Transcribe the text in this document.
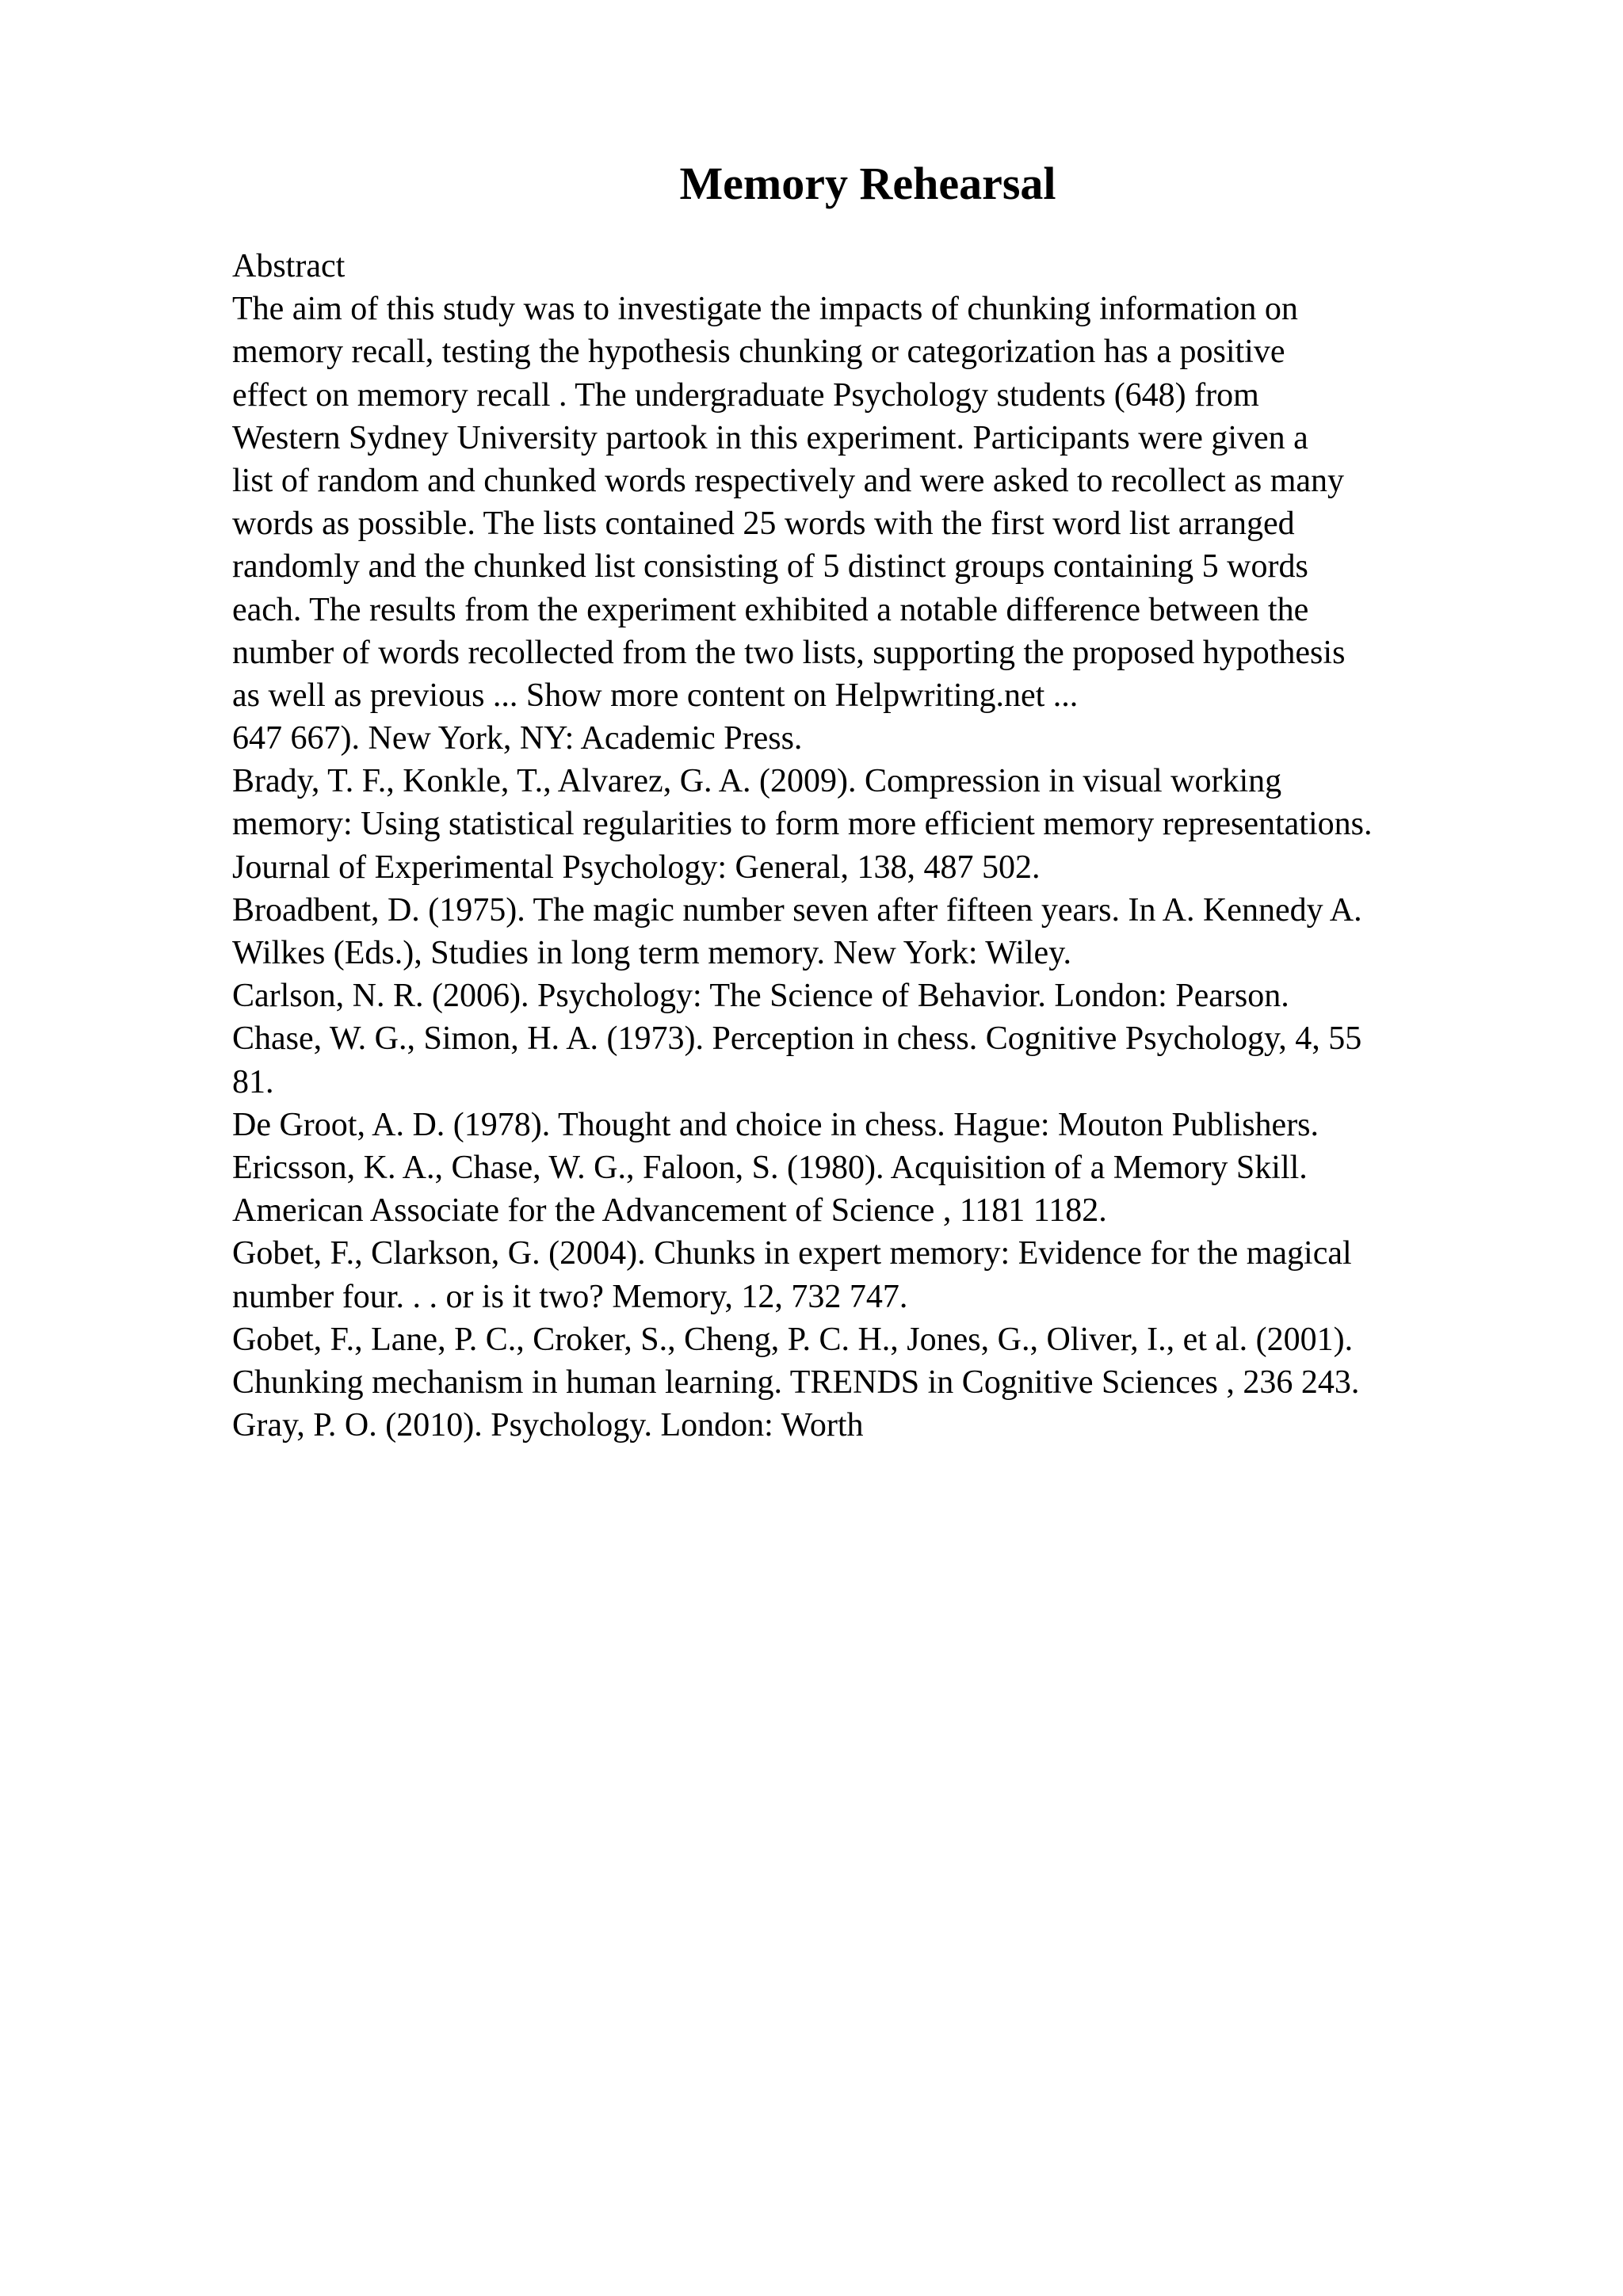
Memory Rehearsal
Abstract
The aim of this study was to investigate the impacts of chunking information on
memory recall, testing the hypothesis chunking or categorization has a positive
effect on memory recall . The undergraduate Psychology students (648) from
Western Sydney University partook in this experiment. Participants were given a
list of random and chunked words respectively and were asked to recollect as many
words as possible. The lists contained 25 words with the first word list arranged
randomly and the chunked list consisting of 5 distinct groups containing 5 words
each. The results from the experiment exhibited a notable difference between the
number of words recollected from the two lists, supporting the proposed hypothesis
as well as previous ... Show more content on Helpwriting.net ...
647 667). New York, NY: Academic Press.
Brady, T. F., Konkle, T., Alvarez, G. A. (2009). Compression in visual working
memory: Using statistical regularities to form more efficient memory representations.
Journal of Experimental Psychology: General, 138, 487 502.
Broadbent, D. (1975). The magic number seven after fifteen years. In A. Kennedy A.
Wilkes (Eds.), Studies in long term memory. New York: Wiley.
Carlson, N. R. (2006). Psychology: The Science of Behavior. London: Pearson.
Chase, W. G., Simon, H. A. (1973). Perception in chess. Cognitive Psychology, 4, 55
81.
De Groot, A. D. (1978). Thought and choice in chess. Hague: Mouton Publishers.
Ericsson, K. A., Chase, W. G., Faloon, S. (1980). Acquisition of a Memory Skill.
American Associate for the Advancement of Science , 1181 1182.
Gobet, F., Clarkson, G. (2004). Chunks in expert memory: Evidence for the magical
number four. . . or is it two? Memory, 12, 732 747.
Gobet, F., Lane, P. C., Croker, S., Cheng, P. C. H., Jones, G., Oliver, I., et al. (2001).
Chunking mechanism in human learning. TRENDS in Cognitive Sciences , 236 243.
Gray, P. O. (2010). Psychology. London: Worth
